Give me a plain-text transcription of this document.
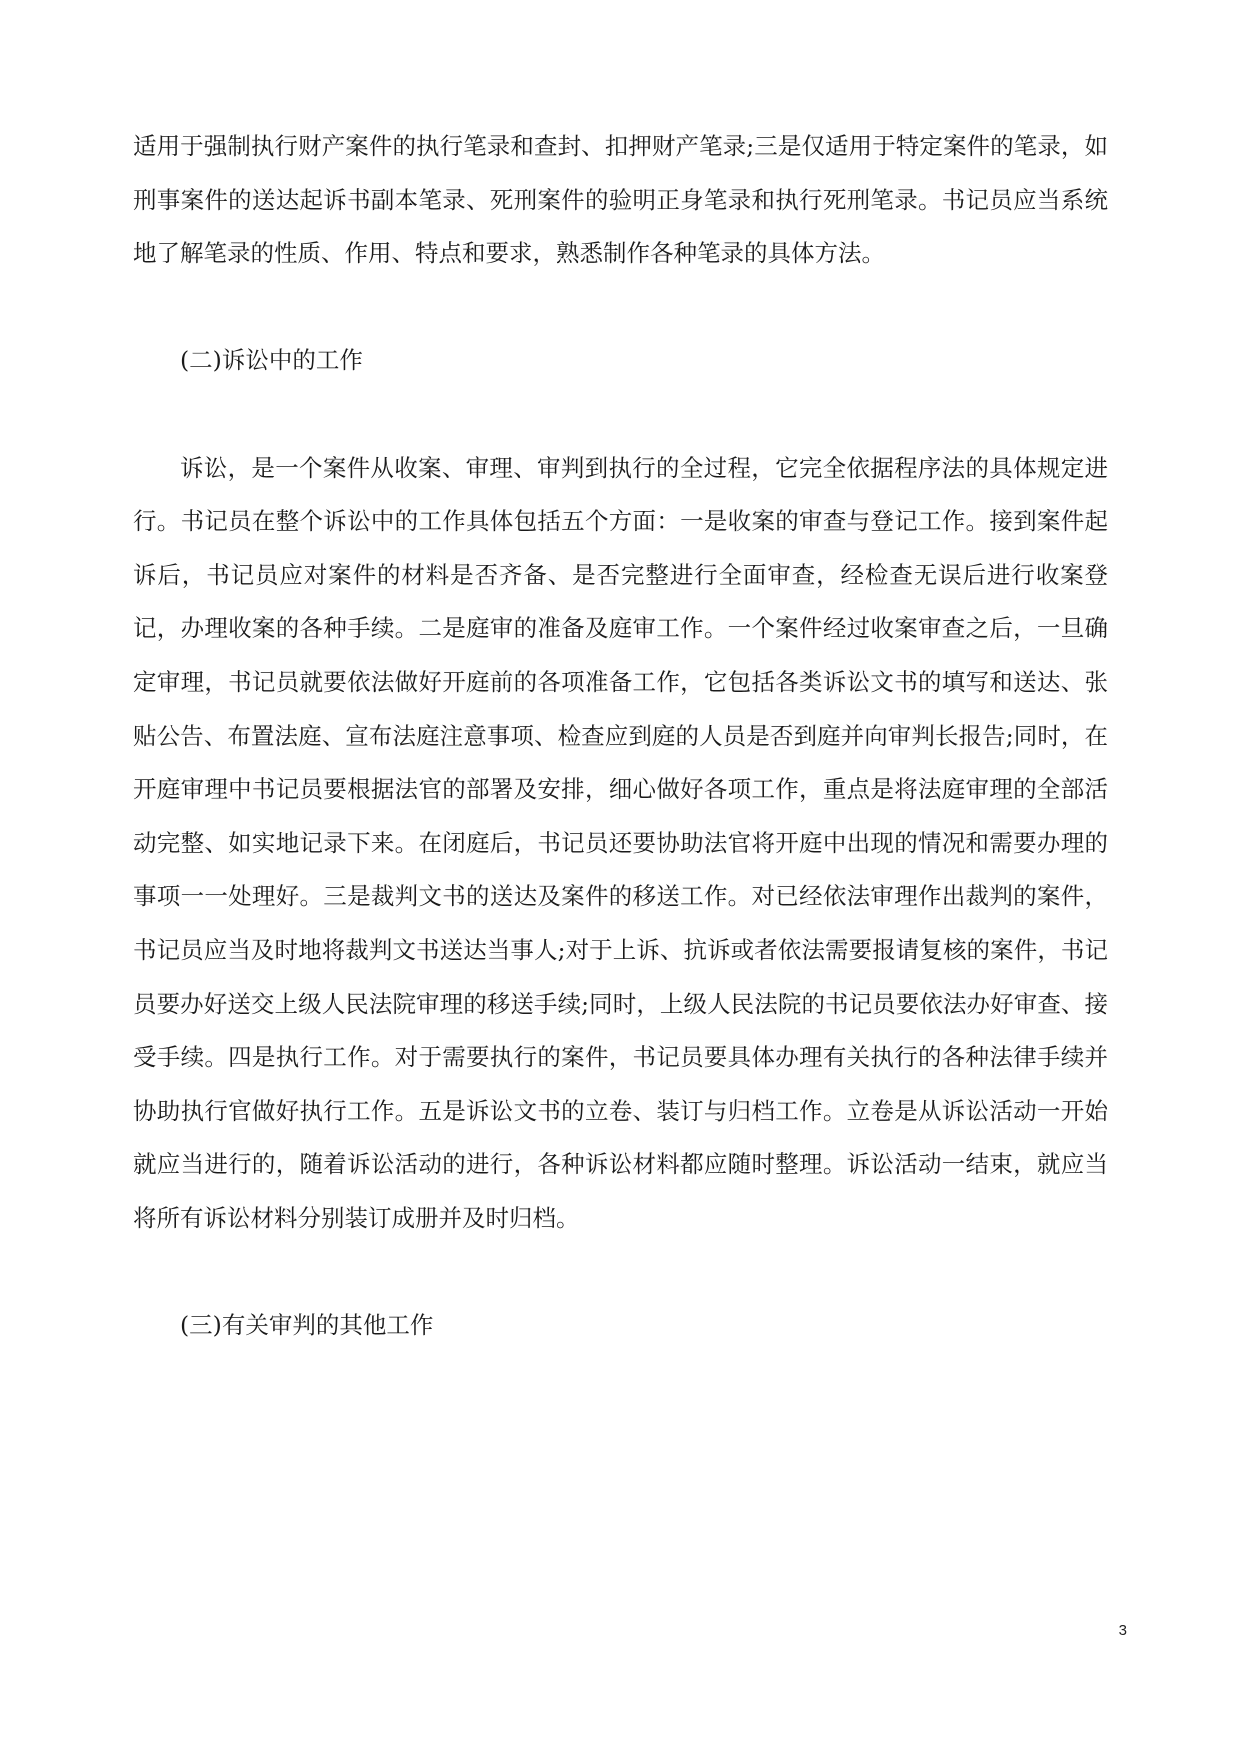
适用于强制执行财产案件的执行笔录和查封、扣押财产笔录;三是仅适用于特定案件的笔录，如刑事案件的送达起诉书副本笔录、死刑案件的验明正身笔录和执行死刑笔录。书记员应当系统地了解笔录的性质、作用、特点和要求，熟悉制作各种笔录的具体方法。

(二)诉讼中的工作

诉讼，是一个案件从收案、审理、审判到执行的全过程，它完全依据程序法的具体规定进行。书记员在整个诉讼中的工作具体包括五个方面：一是收案的审查与登记工作。接到案件起诉后，书记员应对案件的材料是否齐备、是否完整进行全面审查，经检查无误后进行收案登记，办理收案的各种手续。二是庭审的准备及庭审工作。一个案件经过收案审查之后，一旦确定审理，书记员就要依法做好开庭前的各项准备工作，它包括各类诉讼文书的填写和送达、张贴公告、布置法庭、宣布法庭注意事项、检查应到庭的人员是否到庭并向审判长报告;同时，在开庭审理中书记员要根据法官的部署及安排，细心做好各项工作，重点是将法庭审理的全部活动完整、如实地记录下来。在闭庭后，书记员还要协助法官将开庭中出现的情况和需要办理的事项一一处理好。三是裁判文书的送达及案件的移送工作。对已经依法审理作出裁判的案件，书记员应当及时地将裁判文书送达当事人;对于上诉、抗诉或者依法需要报请复核的案件，书记员要办好送交上级人民法院审理的移送手续;同时，上级人民法院的书记员要依法办好审查、接受手续。四是执行工作。对于需要执行的案件，书记员要具体办理有关执行的各种法律手续并协助执行官做好执行工作。五是诉讼文书的立卷、装订与归档工作。立卷是从诉讼活动一开始就应当进行的，随着诉讼活动的进行，各种诉讼材料都应随时整理。诉讼活动一结束，就应当将所有诉讼材料分别装订成册并及时归档。

(三)有关审判的其他工作

3
